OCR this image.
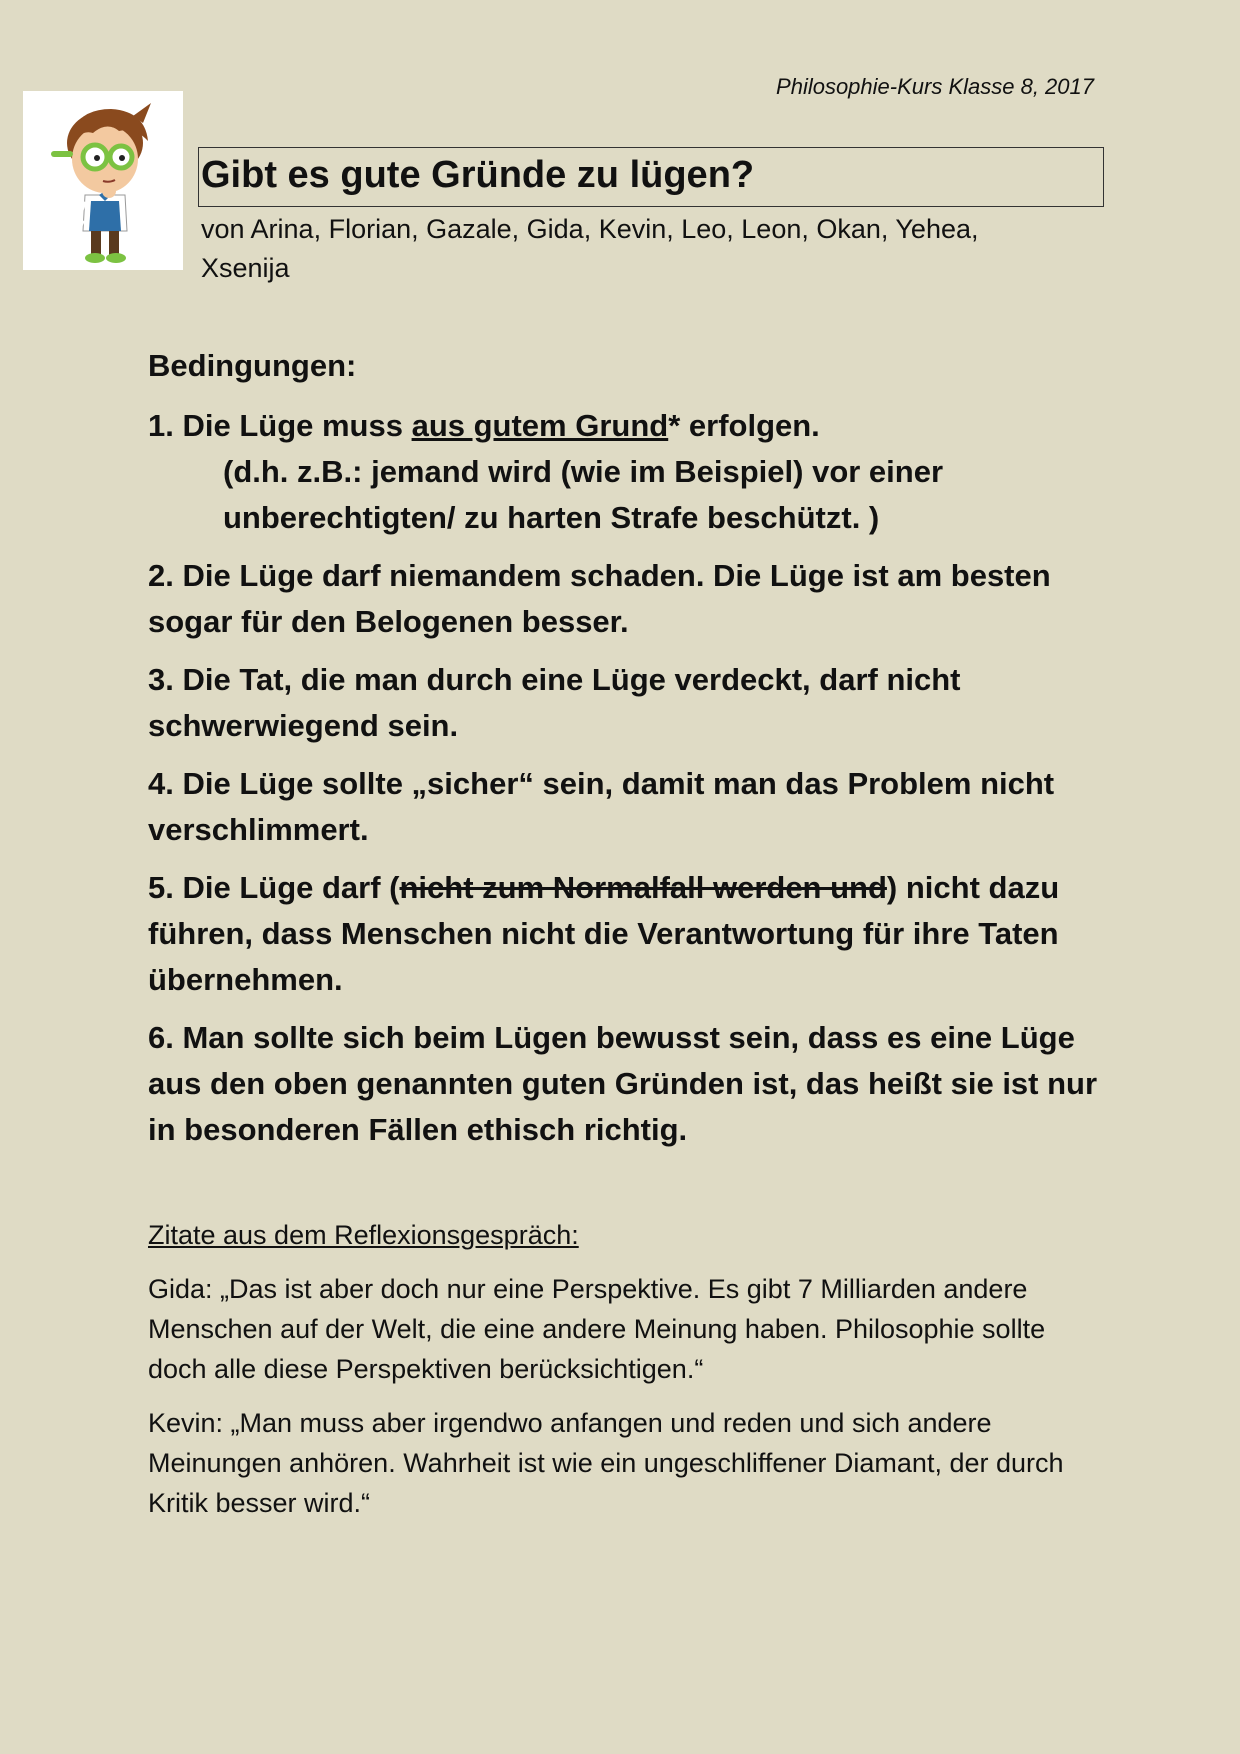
Philosophie-Kurs Klasse 8, 2017
Gibt es gute Gründe zu lügen?
von Arina, Florian, Gazale, Gida, Kevin, Leo, Leon, Okan, Yehea, Xsenija
Bedingungen:
1. Die Lüge muss aus gutem Grund* erfolgen.
(d.h. z.B.: jemand wird (wie im Beispiel) vor einer
unberechtigten/ zu harten Strafe beschützt. )
2. Die Lüge darf niemandem schaden. Die Lüge ist am besten sogar für den Belogenen besser.
3. Die Tat, die man durch eine Lüge verdeckt, darf nicht schwerwiegend sein.
4. Die Lüge sollte „sicher“ sein, damit man das Problem nicht verschlimmert.
5. Die Lüge darf (nicht zum Normalfall werden und) nicht dazu führen, dass Menschen nicht die Verantwortung für ihre Taten übernehmen.
6. Man sollte sich beim Lügen bewusst sein, dass es eine Lüge aus den oben genannten guten Gründen ist, das heißt sie ist nur in besonderen Fällen ethisch richtig.
Zitate aus dem Reflexionsgespräch:
Gida: „Das ist aber doch nur eine Perspektive. Es gibt 7 Milliarden andere Menschen auf der Welt, die eine andere Meinung haben. Philosophie sollte doch alle diese Perspektiven berücksichtigen.“
Kevin: „Man muss aber irgendwo anfangen und reden und sich andere Meinungen anhören. Wahrheit ist wie ein ungeschliffener Diamant, der durch Kritik besser wird.“
